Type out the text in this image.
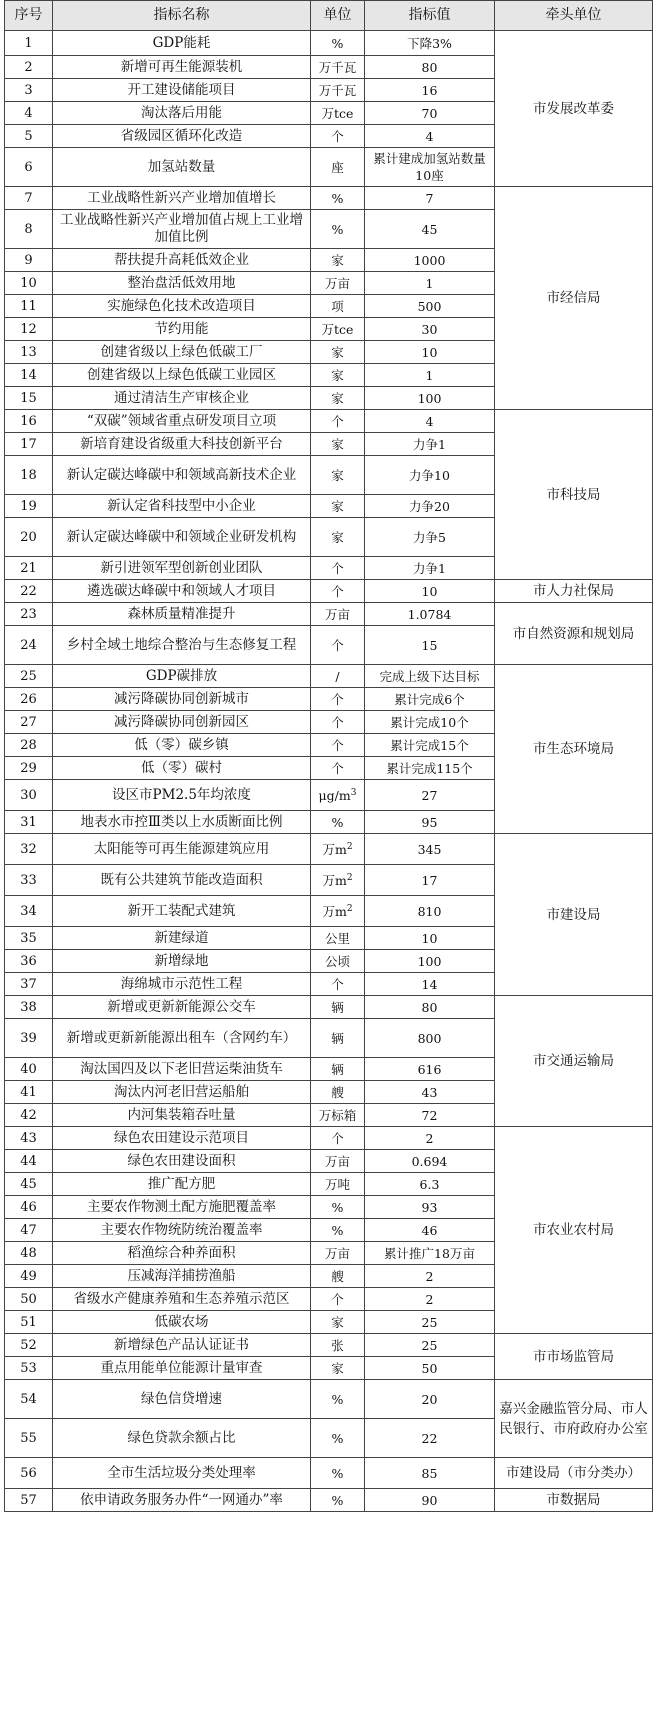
序号	指标名称	单位	指标值	牵头单位
1	GDP能耗	%	下降3%	市发展改革委
2	新增可再生能源装机	万千瓦	80	
3	开工建设储能项目	万千瓦	16	
4	淘汰落后用能	万tce	70	
5	省级园区循环化改造	个	4	
6	加氢站数量	座	累计建成加氢站数量10座	
7	工业战略性新兴产业增加值增长	%	7	市经信局
8	工业战略性新兴产业增加值占规上工业增加值比例	%	45	
9	帮扶提升高耗低效企业	家	1000	
10	整治盘活低效用地	万亩	1	
11	实施绿色化技术改造项目	项	500	
12	节约用能	万tce	30	
13	创建省级以上绿色低碳工厂	家	10	
14	创建省级以上绿色低碳工业园区	家	1	
15	通过清洁生产审核企业	家	100	
16	“双碳”领域省重点研发项目立项	个	4	市科技局
17	新培育建设省级重大科技创新平台	家	力争1	
18	新认定碳达峰碳中和领域高新技术企业	家	力争10	
19	新认定省科技型中小企业	家	力争20	
20	新认定碳达峰碳中和领域企业研发机构	家	力争5	
21	新引进领军型创新创业团队	个	力争1	
22	遴选碳达峰碳中和领域人才项目	个	10	市人力社保局
23	森林质量精准提升	万亩	1.0784	市自然资源和规划局
24	乡村全域土地综合整治与生态修复工程	个	15	
25	GDP碳排放	/	完成上级下达目标	市生态环境局
26	减污降碳协同创新城市	个	累计完成6个	
27	减污降碳协同创新园区	个	累计完成10个	
28	低（零）碳乡镇	个	累计完成15个	
29	低（零）碳村	个	累计完成115个	
30	设区市PM2.5年均浓度	$\mu g/m^3$	27	
31	地表水市控Ⅲ类以上水质断面比例	%	95	
32	太阳能等可再生能源建筑应用	万$m^2$	345	市建设局
33	既有公共建筑节能改造面积	万$m^2$	17	
34	新开工装配式建筑	万$m^2$	810	
35	新建绿道	公里	10	
36	新增绿地	公顷	100	
37	海绵城市示范性工程	个	14	
38	新增或更新新能源公交车	辆	80	市交通运输局
39	新增或更新新能源出租车（含网约车）	辆	800	
40	淘汰国四及以下老旧营运柴油货车	辆	616	
41	淘汰内河老旧营运船舶	艘	43	
42	内河集装箱吞吐量	万标箱	72	
43	绿色农田建设示范项目	个	2	市农业农村局
44	绿色农田建设面积	万亩	0.694	
45	推广配方肥	万吨	6.3	
46	主要农作物测土配方施肥覆盖率	%	93	
47	主要农作物统防统治覆盖率	%	46	
48	稻渔综合种养面积	万亩	累计推广18万亩	
49	压减海洋捕捞渔船	艘	2	
50	省级水产健康养殖和生态养殖示范区	个	2	
51	低碳农场	家	25	
52	新增绿色产品认证证书	张	25	市市场监管局
53	重点用能单位能源计量审查	家	50	
54	绿色信贷增速	%	20	嘉兴金融监管分局、市人民银行、市府政府办公室
55	绿色贷款余额占比	%	22	
56	全市生活垃圾分类处理率	%	85	市建设局（市分类办）
57	依申请政务服务办件“一网通办”率	%	90	市数据局
